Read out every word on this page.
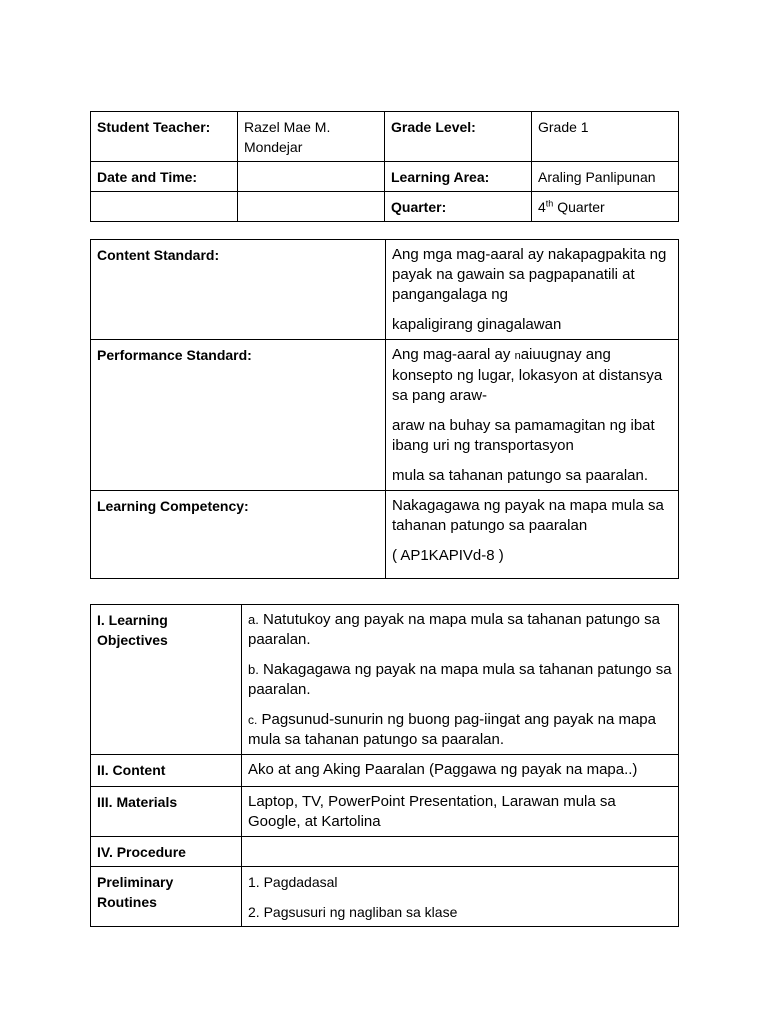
Student Teacher:	Razel Mae M. Mondejar	Grade Level:	Grade 1
Date and Time:		Learning Area:	Araling Panlipunan
		Quarter:	4th Quarter
Content Standard:	Ang mga mag-aaral ay nakapagpakita ng payak na gawain sa pagpapanatili at pangangalaga ng

kapaligirang ginagalawan

Performance Standard:	Ang mag-aaral ay naiuugnay ang konsepto ng lugar, lokasyon at distansya sa pang araw-

araw na buhay sa pamamagitan ng ibat ibang uri ng transportasyon

mula sa tahanan patungo sa paaralan.

Learning Competency:	Nakagagawa ng payak na mapa mula sa tahanan patungo sa paaralan

( AP1KAPIVd-8 )

I. Learning Objectives	a. Natutukoy ang payak na mapa mula sa tahanan patungo sa paaralan.

b. Nakagagawa ng payak na mapa mula sa tahanan patungo sa paaralan.

c. Pagsunud-sunurin ng buong pag-iingat ang payak na mapa mula sa tahanan patungo sa paaralan.

II. Content	Ako at ang Aking Paaralan (Paggawa ng payak na mapa..)
III. Materials	Laptop, TV, PowerPoint Presentation, Larawan mula sa Google, at Kartolina
IV. Procedure	
Preliminary Routines	1. Pagdadasal

2. Pagsusuri ng nagliban sa klase
